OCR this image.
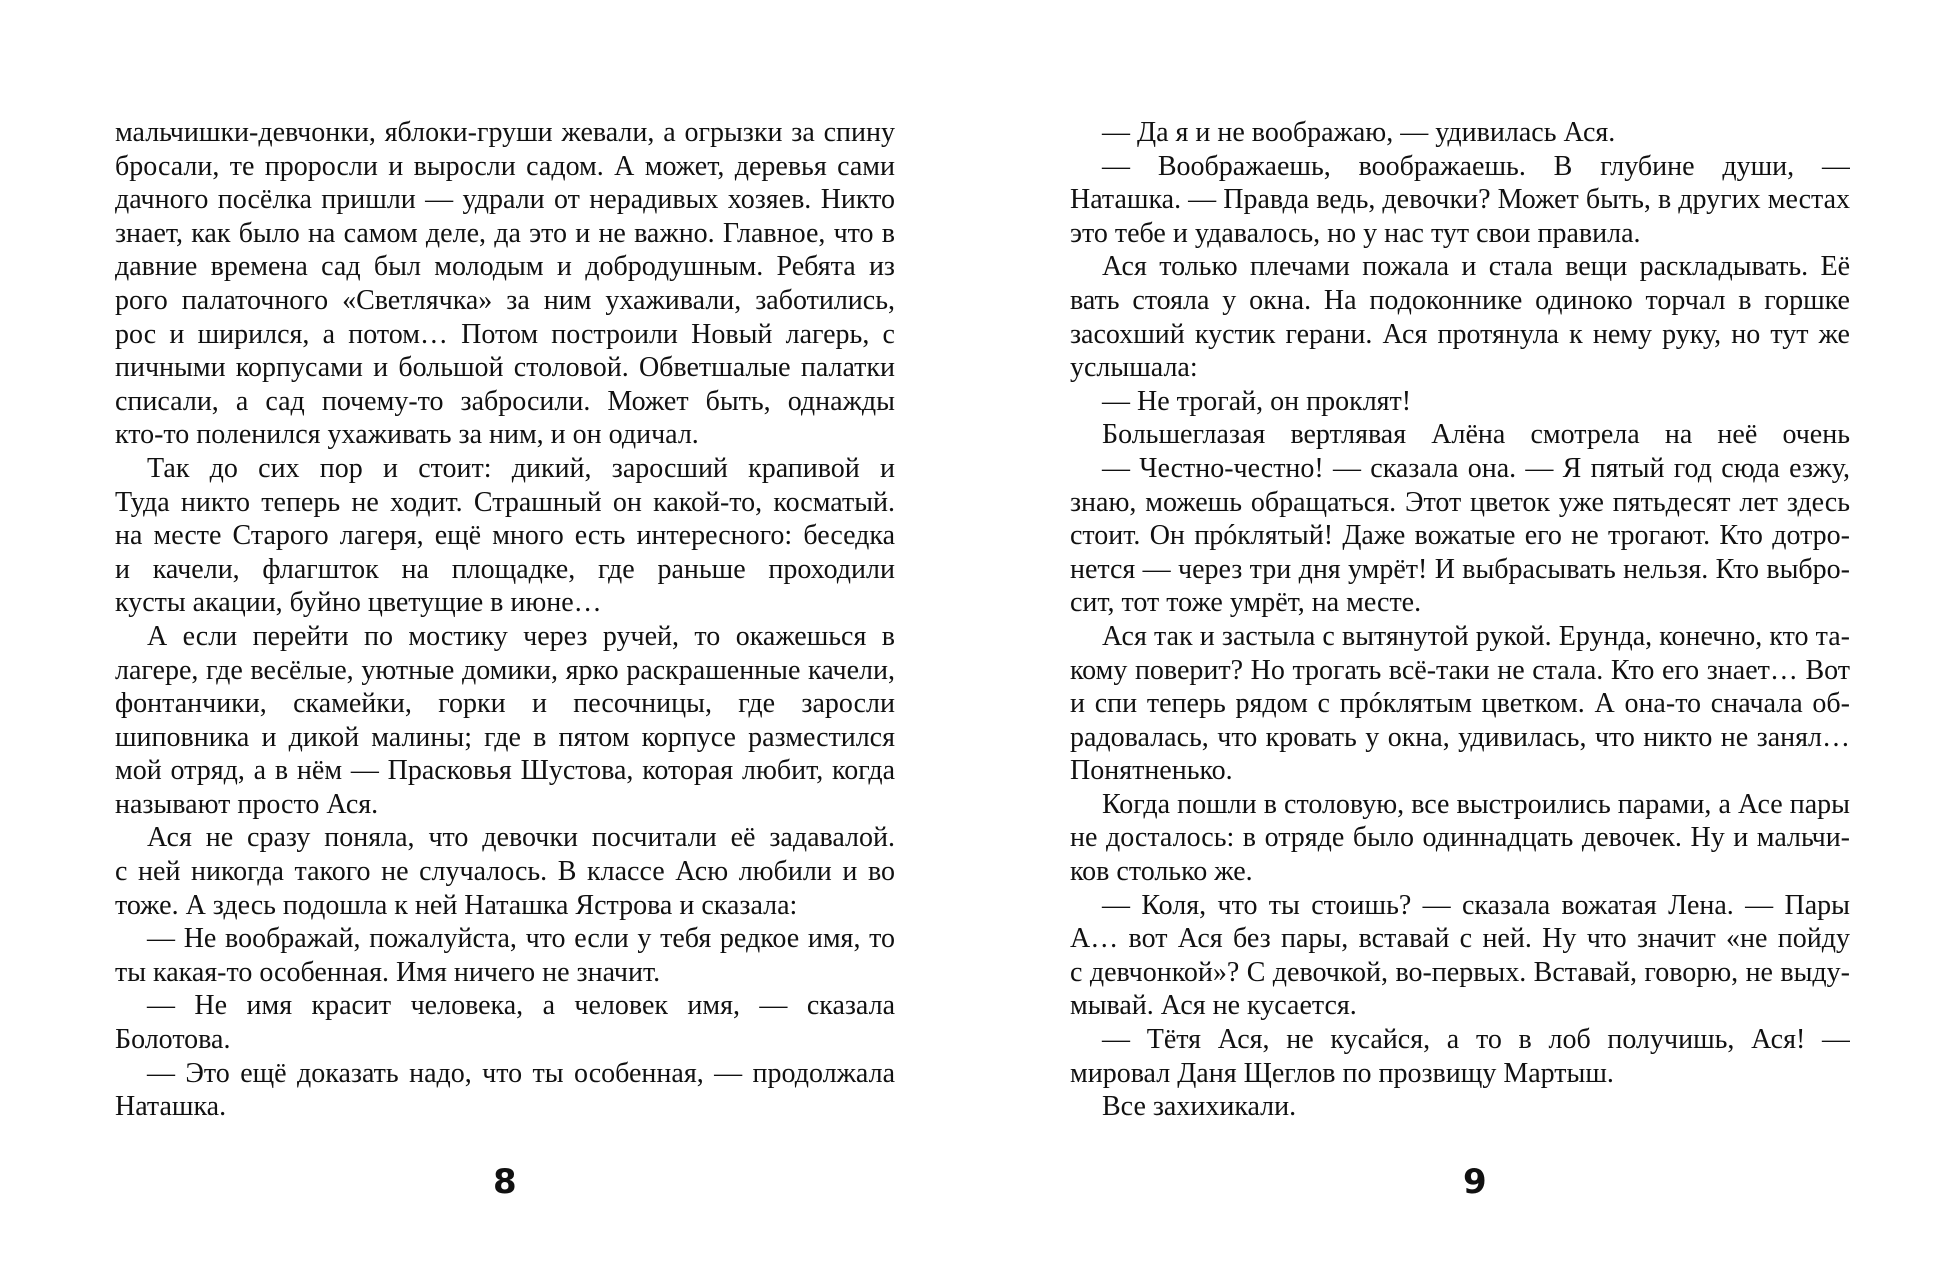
мальчишки-девчонки, яблоки-груши жевали, а огрызки за спину
бросали, те проросли и выросли садом. А может, деревья сами
дачного посёлка пришли — удрали от нерадивых хозяев. Никто
знает, как было на самом деле, да это и не важно. Главное, что в
давние времена сад был молодым и добродушным. Ребята из
рого палаточного «Светлячка» за ним ухаживали, заботились,
рос и ширился, а потом… Потом построили Новый лагерь, с
пичными корпусами и большой столовой. Обветшалые палатки
списали, а сад почему-то забросили. Может быть, однажды
кто-то поленился ухаживать за ним, и он одичал.
Так до сих пор и стоит: дикий, заросший крапивой и
Туда никто теперь не ходит. Страшный он какой-то, косматый.
на месте Старого лагеря, ещё много есть интересного: беседка
и качели, флагшток на площадке, где раньше проходили
кусты акации, буйно цветущие в июне…
А если перейти по мостику через ручей, то окажешься в
лагере, где весёлые, уютные домики, ярко раскрашенные качели,
фонтанчики, скамейки, горки и песочницы, где заросли
шиповника и дикой малины; где в пятом корпусе разместился
мой отряд, а в нём — Прасковья Шустова, которая любит, когда
называют просто Ася.
Ася не сразу поняла, что девочки посчитали её задавалой.
с ней никогда такого не случалось. В классе Асю любили и во
тоже. А здесь подошла к ней Наташка Ястрова и сказала:
— Не воображай, пожалуйста, что если у тебя редкое имя, то
ты какая-то особенная. Имя ничего не значит.
— Не имя красит человека, а человек имя, — сказала
Болотова.
— Это ещё доказать надо, что ты особенная, — продолжала
Наташка.
8
— Да я и не воображаю, — удивилась Ася.
— Воображаешь, воображаешь. В глубине души, —
Наташка. — Правда ведь, девочки? Может быть, в других местах
это тебе и удавалось, но у нас тут свои правила.
Ася только плечами пожала и стала вещи раскладывать. Её
вать стояла у окна. На подоконнике одиноко торчал в горшке
засохший кустик герани. Ася протянула к нему руку, но тут же
услышала:
— Не трогай, он проклят!
Большеглазая вертлявая Алёна смотрела на неё очень
— Честно-честно! — сказала она. — Я пятый год сюда езжу,
знаю, можешь обращаться. Этот цветок уже пятьдесят лет здесь
стоит. Он прóклятый! Даже вожатые его не трогают. Кто дотро-
нется — через три дня умрёт! И выбрасывать нельзя. Кто выбро-
сит, тот тоже умрёт, на месте.
Ася так и застыла с вытянутой рукой. Ерунда, конечно, кто та-
кому поверит? Но трогать всё-таки не стала. Кто его знает… Вот
и спи теперь рядом с прóклятым цветком. А она-то сначала об-
радовалась, что кровать у окна, удивилась, что никто не занял…
Понятненько.
Когда пошли в столовую, все выстроились парами, а Асе пары
не досталось: в отряде было одиннадцать девочек. Ну и мальчи-
ков столько же.
— Коля, что ты стоишь? — сказала вожатая Лена. — Пары
А… вот Ася без пары, вставай с ней. Ну что значит «не пойду
с девчонкой»? С девочкой, во-первых. Вставай, говорю, не выду-
мывай. Ася не кусается.
— Тётя Ася, не кусайся, а то в лоб получишь, Ася! —
мировал Даня Щеглов по прозвищу Мартыш.
Все захихикали.
9
